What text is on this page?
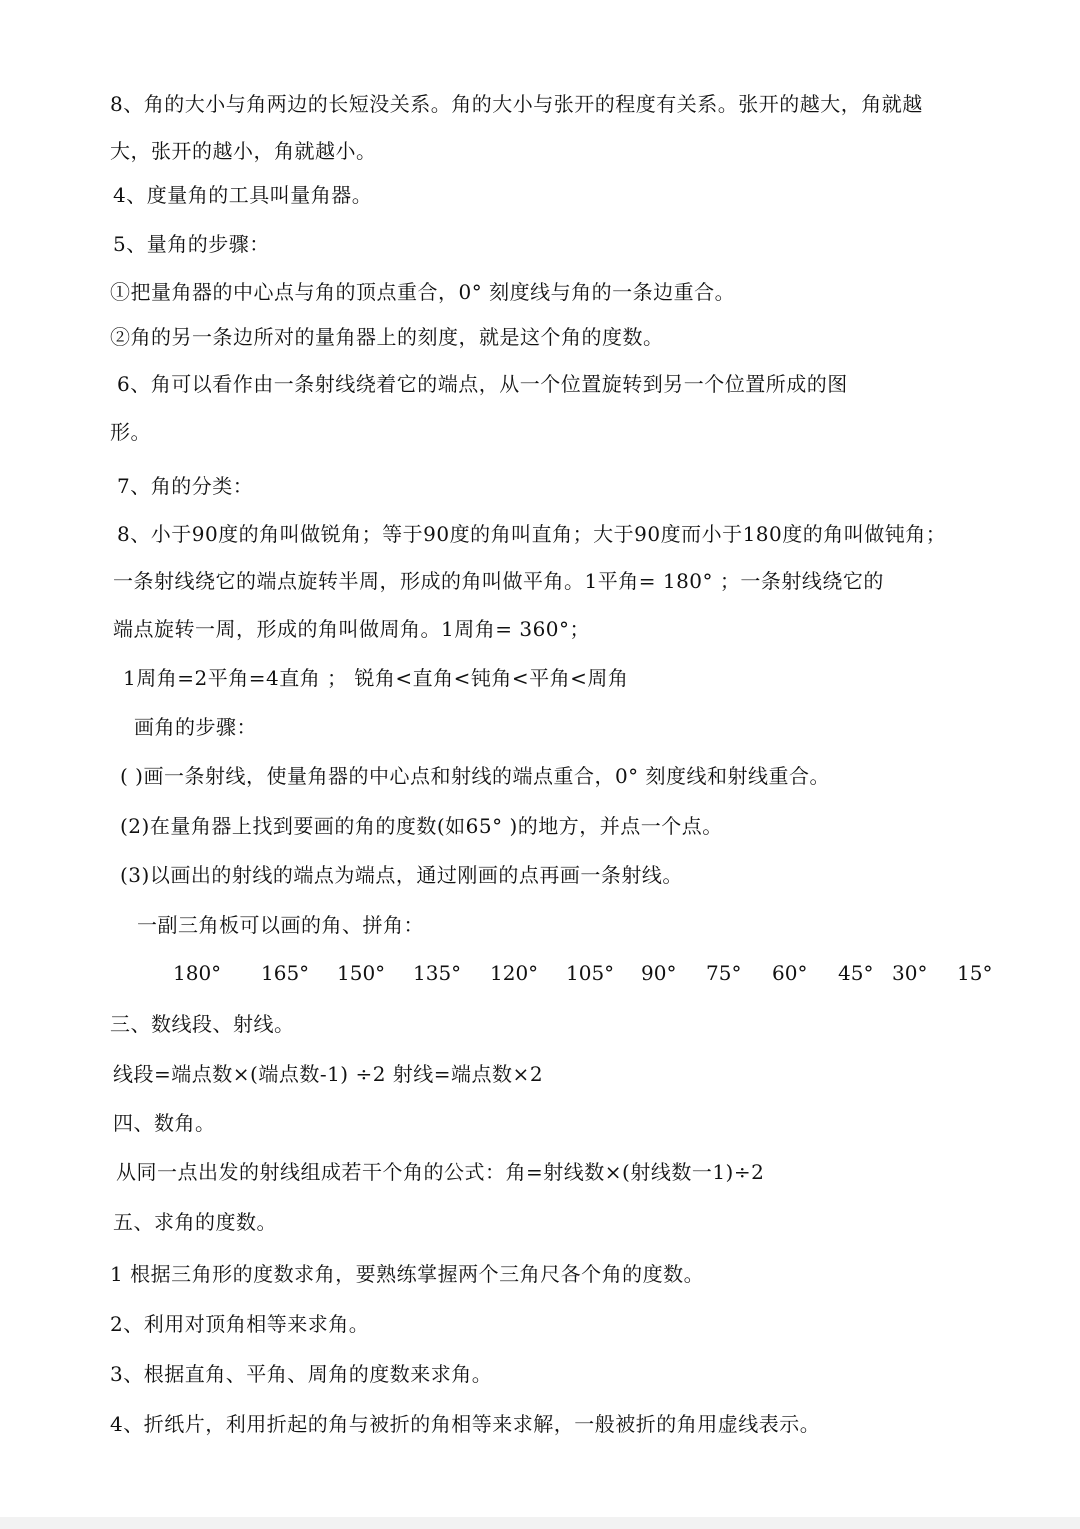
8、角的大小与角两边的长短没关系。角的大小与张开的程度有关系。张开的越大，角就越
大，张开的越小，角就越小。
4、度量角的工具叫量角器。
5、量角的步骤：
①把量角器的中心点与角的顶点重合，0° 刻度线与角的一条边重合。
②角的另一条边所对的量角器上的刻度，就是这个角的度数。
6、角可以看作由一条射线绕着它的端点，从一个位置旋转到另一个位置所成的图
形。
7、角的分类：
8、小于90度的角叫做锐角；等于90度的角叫直角；大于90度而小于180度的角叫做钝角；
一条射线绕它的端点旋转半周，形成的角叫做平角。1平角= 180° ；一条射线绕它的
端点旋转一周，形成的角叫做周角。1周角= 360°；
1周角=2平角=4直角 ； 锐角<直角<钝角<平角<周角
画角的步骤：
( )画一条射线，使量角器的中心点和射线的端点重合，0° 刻度线和射线重合。
(2)在量角器上找到要画的角的度数(如65° )的地方，并点一个点。
(3)以画出的射线的端点为端点，通过刚画的点再画一条射线。
一副三角板可以画的角、拼角：
180° 165° 150° 135° 120° 105° 90° 75° 60° 45° 30° 15°
三、数线段、射线。
线段=端点数×(端点数-1) ÷2 射线=端点数×2
四、数角。
从同一点出发的射线组成若干个角的公式：角=射线数×(射线数一1)÷2
五、求角的度数。
1 根据三角形的度数求角，要熟练掌握两个三角尺各个角的度数。
2、利用对顶角相等来求角。
3、根据直角、平角、周角的度数来求角。
4、折纸片，利用折起的角与被折的角相等来求解，一般被折的角用虚线表示。
